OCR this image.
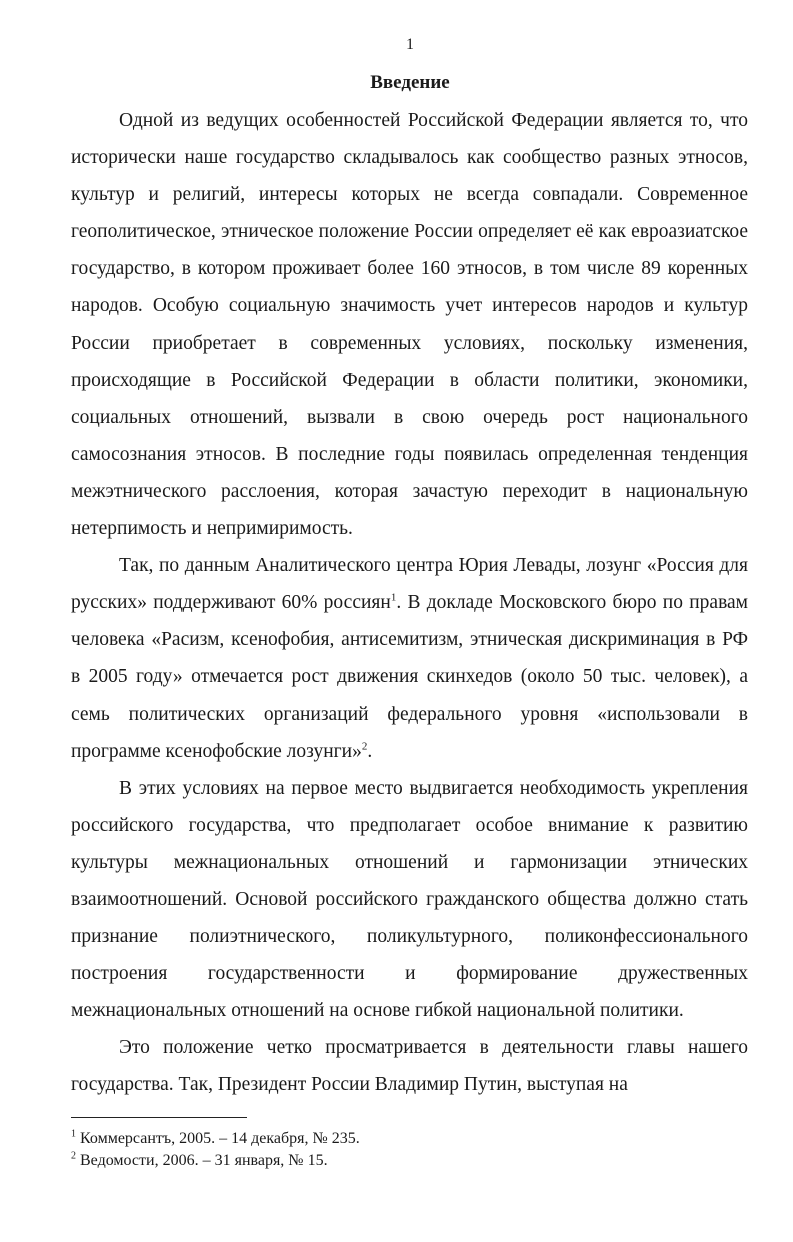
1
Введение

Одной из ведущих особенностей Российской Федерации является то, что исторически наше государство складывалось как сообщество разных этносов, культур и религий, интересы которых не всегда совпадали. Современное геополитическое, этническое положение России определяет её как евроазиатское государство, в котором проживает более 160 этносов, в том числе 89 коренных народов. Особую социальную значимость учет интересов народов и культур России приобретает в современных условиях, поскольку изменения, происходящие в Российской Федерации в области политики, экономики, социальных отношений, вызвали в свою очередь рост национального самосознания этносов. В последние годы появилась определенная тенденция межэтнического расслоения, которая зачастую переходит в национальную нетерпимость и непримиримость.

Так, по данным Аналитического центра Юрия Левады, лозунг «Россия для русских» поддерживают 60% россиян$^1$. В докладе Московского бюро по правам человека «Расизм, ксенофобия, антисемитизм, этническая дискриминация в РФ в 2005 году» отмечается рост движения скинхедов (около 50 тыс. человек), а семь политических организаций федерального уровня «использовали в программе ксенофобские лозунги»$^2$.

В этих условиях на первое место выдвигается необходимость укрепления российского государства, что предполагает особое внимание к развитию культуры межнациональных отношений и гармонизации этнических взаимоотношений. Основой российского гражданского общества должно стать признание полиэтнического, поликультурного, поликонфессионального построения государственности и формирование дружественных межнациональных отношений на основе гибкой национальной политики.

Это положение четко просматривается в деятельности главы нашего государства. Так, Президент России Владимир Путин, выступая на

$^1$ Коммерсантъ, 2005. – 14 декабря, № 235.
$^2$ Ведомости, 2006. – 31 января, № 15.
